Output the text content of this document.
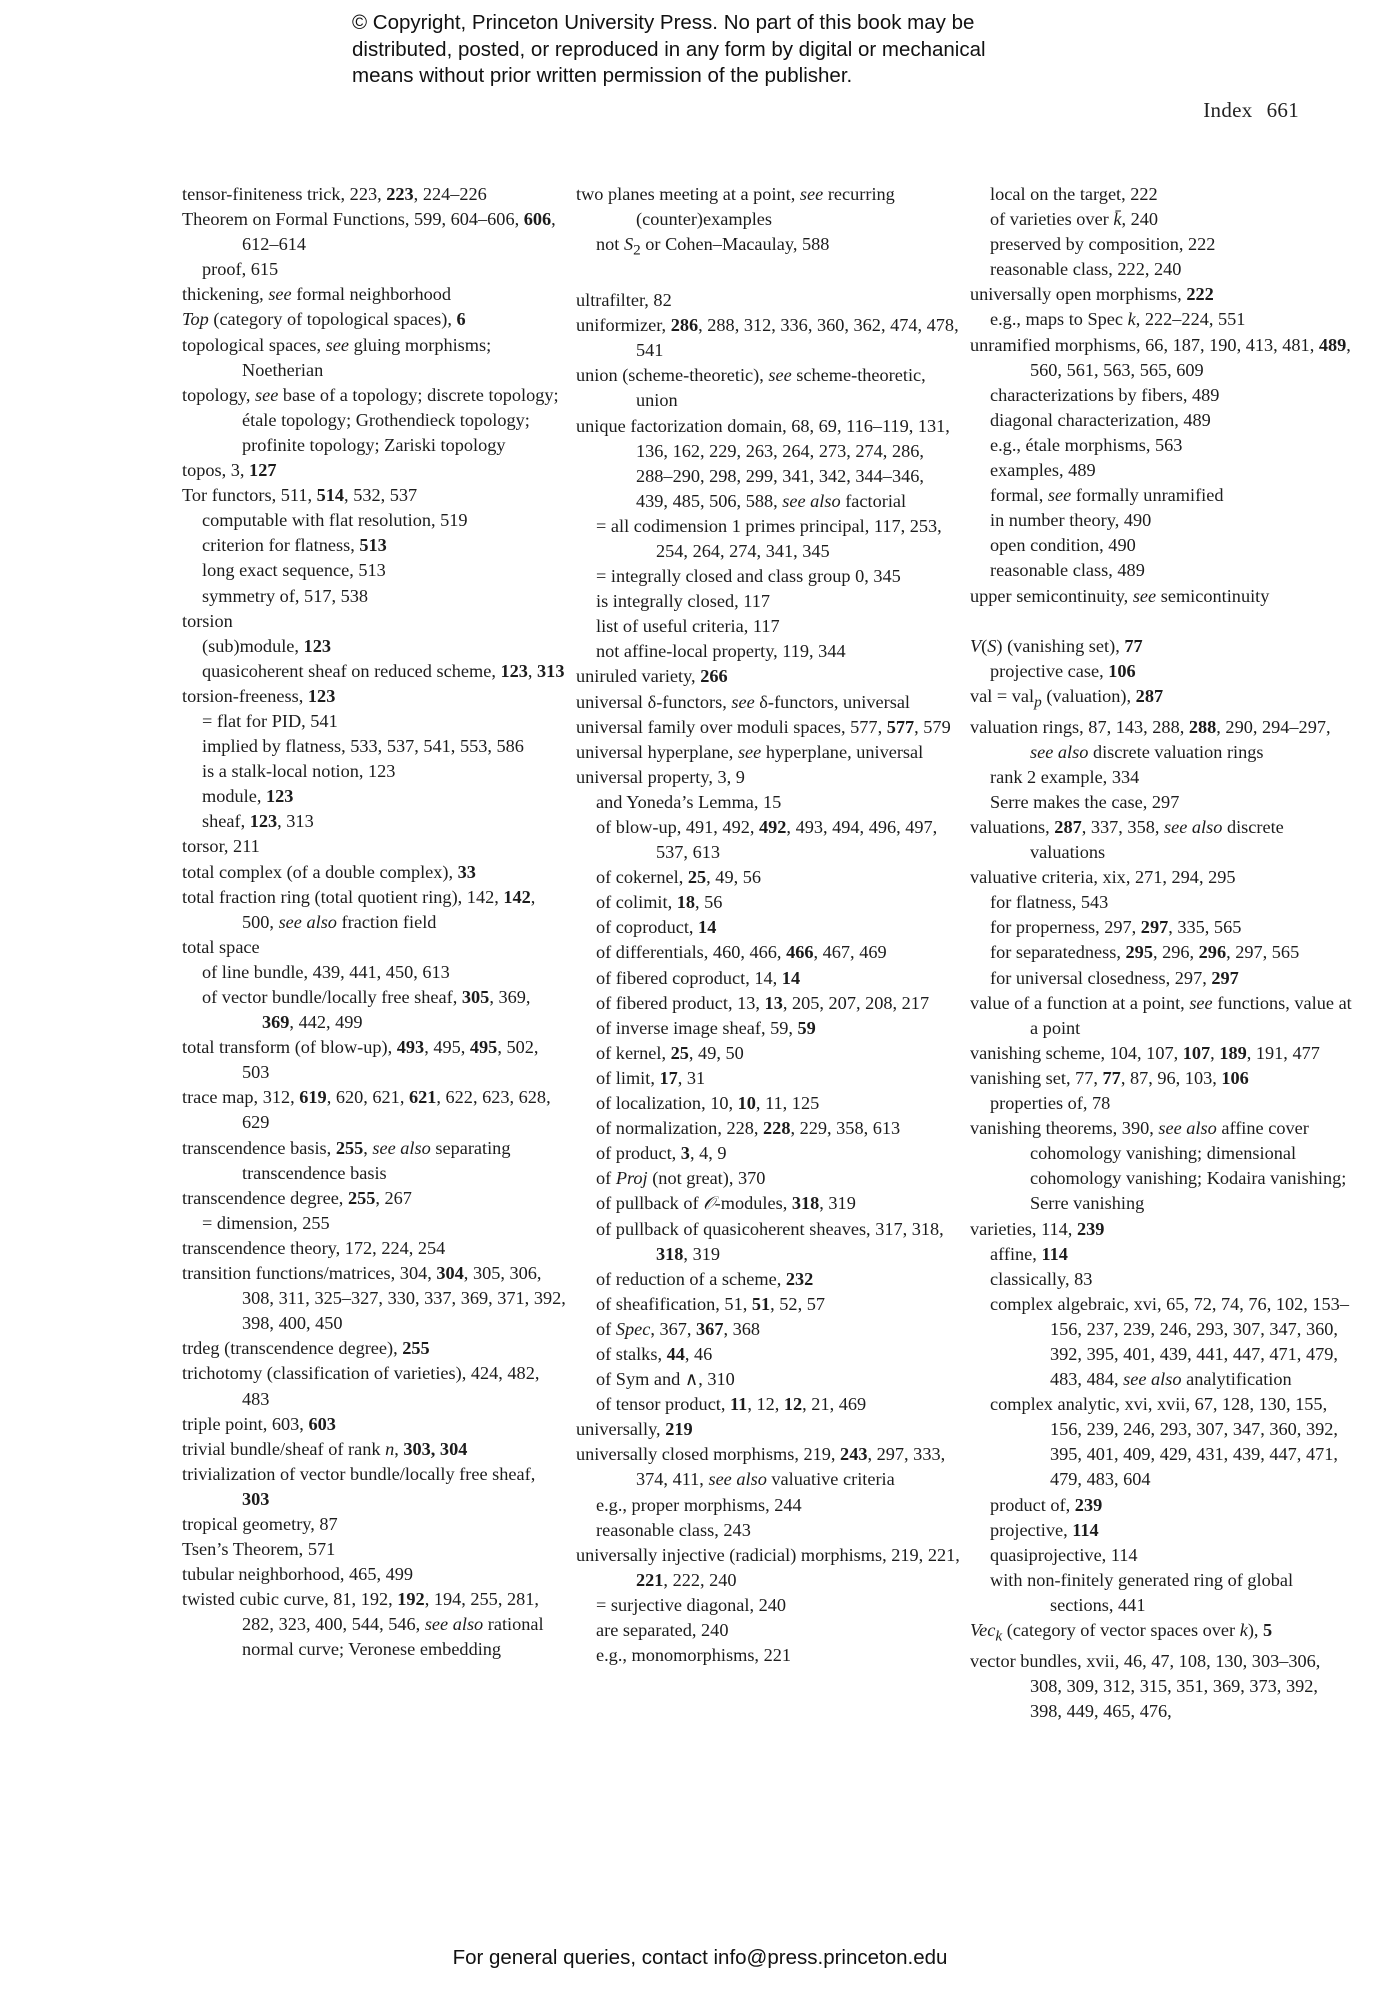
© Copyright, Princeton University Press. No part of this book may be
distributed, posted, or reproduced in any form by digital or mechanical
means without prior written permission of the publisher.
Index 661
tensor-finiteness trick, 223, 223, 224–226
Theorem on Formal Functions, 599, 604–606, 606, 612–614
proof, 615
thickening, see formal neighborhood
Top (category of topological spaces), 6
topological spaces, see gluing morphisms; Noetherian
topology, see base of a topology; discrete topology; étale topology; Grothendieck topology; profinite topology; Zariski topology
topos, 3, 127
Tor functors, 511, 514, 532, 537
computable with flat resolution, 519
criterion for flatness, 513
long exact sequence, 513
symmetry of, 517, 538
torsion
(sub)module, 123
quasicoherent sheaf on reduced scheme, 123, 313
torsion-freeness, 123
= flat for PID, 541
implied by flatness, 533, 537, 541, 553, 586
is a stalk-local notion, 123
module, 123
sheaf, 123, 313
torsor, 211
total complex (of a double complex), 33
total fraction ring (total quotient ring), 142, 142, 500, see also fraction field
total space
of line bundle, 439, 441, 450, 613
of vector bundle/locally free sheaf, 305, 369, 369, 442, 499
total transform (of blow-up), 493, 495, 495, 502, 503
trace map, 312, 619, 620, 621, 621, 622, 623, 628, 629
transcendence basis, 255, see also separating transcendence basis
transcendence degree, 255, 267
= dimension, 255
transcendence theory, 172, 224, 254
transition functions/matrices, 304, 304, 305, 306, 308, 311, 325–327, 330, 337, 369, 371, 392, 398, 400, 450
trdeg (transcendence degree), 255
trichotomy (classification of varieties), 424, 482, 483
triple point, 603, 603
trivial bundle/sheaf of rank n, 303, 304
trivialization of vector bundle/locally free sheaf, 303
tropical geometry, 87
Tsen’s Theorem, 571
tubular neighborhood, 465, 499
twisted cubic curve, 81, 192, 192, 194, 255, 281, 282, 323, 400, 544, 546, see also rational normal curve; Veronese embedding
two planes meeting at a point, see recurring (counter)examples
not $S_2$ or Cohen–Macaulay, 588
ultrafilter, 82
uniformizer, 286, 288, 312, 336, 360, 362, 474, 478, 541
union (scheme-theoretic), see scheme-theoretic, union
unique factorization domain, 68, 69, 116–119, 131, 136, 162, 229, 263, 264, 273, 274, 286, 288–290, 298, 299, 341, 342, 344–346, 439, 485, 506, 588, see also factorial
= all codimension 1 primes principal, 117, 253, 254, 264, 274, 341, 345
= integrally closed and class group 0, 345
is integrally closed, 117
list of useful criteria, 117
not affine-local property, 119, 344
uniruled variety, 266
universal δ-functors, see δ-functors, universal
universal family over moduli spaces, 577, 577, 579
universal hyperplane, see hyperplane, universal
universal property, 3, 9
and Yoneda’s Lemma, 15
of blow-up, 491, 492, 492, 493, 494, 496, 497, 537, 613
of cokernel, 25, 49, 56
of colimit, 18, 56
of coproduct, 14
of differentials, 460, 466, 466, 467, 469
of fibered coproduct, 14, 14
of fibered product, 13, 13, 205, 207, 208, 217
of inverse image sheaf, 59, 59
of kernel, 25, 49, 50
of limit, 17, 31
of localization, 10, 10, 11, 125
of normalization, 228, 228, 229, 358, 613
of product, 3, 4, 9
of Proj (not great), 370
of pullback of 𝒪-modules, 318, 319
of pullback of quasicoherent sheaves, 317, 318, 318, 319
of reduction of a scheme, 232
of sheafification, 51, 51, 52, 57
of Spec, 367, 367, 368
of stalks, 44, 46
of Sym and ∧, 310
of tensor product, 11, 12, 12, 21, 469
universally, 219
universally closed morphisms, 219, 243, 297, 333, 374, 411, see also valuative criteria
e.g., proper morphisms, 244
reasonable class, 243
universally injective (radicial) morphisms, 219, 221, 221, 222, 240
= surjective diagonal, 240
are separated, 240
e.g., monomorphisms, 221
local on the target, 222
of varieties over k̄, 240
preserved by composition, 222
reasonable class, 222, 240
universally open morphisms, 222
e.g., maps to Spec k, 222–224, 551
unramified morphisms, 66, 187, 190, 413, 481, 489, 560, 561, 563, 565, 609
characterizations by fibers, 489
diagonal characterization, 489
e.g., étale morphisms, 563
examples, 489
formal, see formally unramified
in number theory, 490
open condition, 490
reasonable class, 489
upper semicontinuity, see semicontinuity
V(S) (vanishing set), 77
projective case, 106
val = val$_p$ (valuation), 287
valuation rings, 87, 143, 288, 288, 290, 294–297, see also discrete valuation rings
rank 2 example, 334
Serre makes the case, 297
valuations, 287, 337, 358, see also discrete valuations
valuative criteria, xix, 271, 294, 295
for flatness, 543
for properness, 297, 297, 335, 565
for separatedness, 295, 296, 296, 297, 565
for universal closedness, 297, 297
value of a function at a point, see functions, value at a point
vanishing scheme, 104, 107, 107, 189, 191, 477
vanishing set, 77, 77, 87, 96, 103, 106
properties of, 78
vanishing theorems, 390, see also affine cover cohomology vanishing; dimensional cohomology vanishing; Kodaira vanishing; Serre vanishing
varieties, 114, 239
affine, 114
classically, 83
complex algebraic, xvi, 65, 72, 74, 76, 102, 153–156, 237, 239, 246, 293, 307, 347, 360, 392, 395, 401, 439, 441, 447, 471, 479, 483, 484, see also analytification
complex analytic, xvi, xvii, 67, 128, 130, 155, 156, 239, 246, 293, 307, 347, 360, 392, 395, 401, 409, 429, 431, 439, 447, 471, 479, 483, 604
product of, 239
projective, 114
quasiprojective, 114
with non-finitely generated ring of global sections, 441
Vec$_k$ (category of vector spaces over k), 5
vector bundles, xvii, 46, 47, 108, 130, 303–306, 308, 309, 312, 315, 351, 369, 373, 392, 398, 449, 465, 476,
For general queries, contact info@press.princeton.edu
